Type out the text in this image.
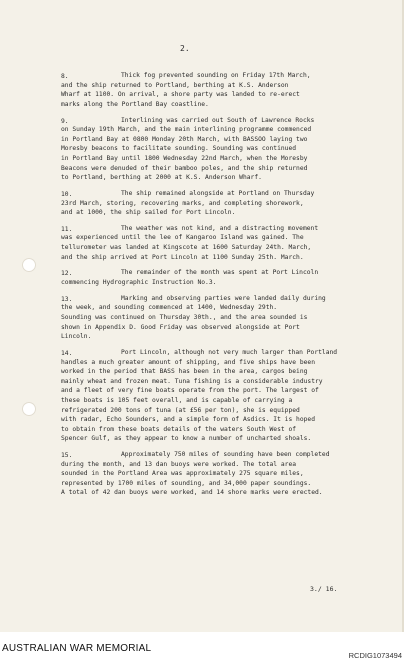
2.
8.	Thick fog prevented sounding on Friday 17th March,
and the ship returned to Portland, berthing at K.S. Anderson
Wharf at 1100. On arrival, a shore party was landed to re-erect
marks along the Portland Bay coastline.
9.	Interlining was carried out South of Lawrence Rocks
on Sunday 19th March, and the main interlining programme commenced
in Portland Bay at 0800 Monday 20th March, with BASSOO laying two
Moresby beacons to facilitate sounding. Sounding was continued
in Portland Bay until 1800 Wednesday 22nd March, when the Moresby
Beacons were denuded of their bamboo poles, and the ship returned
to Portland, berthing at 2000 at K.S. Anderson Wharf.
10.	The ship remained alongside at Portland on Thursday
23rd March, storing, recovering marks, and completing shorework,
and at 1000, the ship sailed for Port Lincoln.
11.	The weather was not kind, and a distracting movement
was experienced until the lee of Kangaroo Island was gained. The
tellurometer was landed at Kingscote at 1600 Saturday 24th. March,
and the ship arrived at Port Lincoln at 1100 Sunday 25th. March.
12.	The remainder of the month was spent at Port Lincoln
commencing Hydrographic Instruction No.3.
13.	Marking and observing parties were landed daily during
the week, and sounding commenced at 1400, Wednesday 29th.
Sounding was continued on Thursday 30th., and the area sounded is
shown in Appendix D. Good Friday was observed alongside at Port
Lincoln.
14.	Port Lincoln, although not very much larger than Portland
handles a much greater amount of shipping, and five ships have been
worked in the period that BASS has been in the area, cargos being
mainly wheat and frozen meat. Tuna fishing is a considerable industry
and a fleet of very fine boats operate from the port. The largest of
these boats is 105 feet overall, and is capable of carrying a
refrigerated 200 tons of tuna (at £56 per ton), she is equipped
with radar, Echo Sounders, and a simple form of Asdics. It is hoped
to obtain from these boats details of the waters South West of
Spencer Gulf, as they appear to know a number of uncharted shoals.
15.	Approximately 750 miles of sounding have been completed
during the month, and 13 dan buoys were worked. The total area
sounded in the Portland Area was approximately 275 square miles,
represented by 1700 miles of sounding, and 34,000 paper soundings.
A total of 42 dan buoys were worked, and 14 shore marks were erected.
3./ 16.
AUSTRALIAN WAR MEMORIAL
RCDIG1073494
